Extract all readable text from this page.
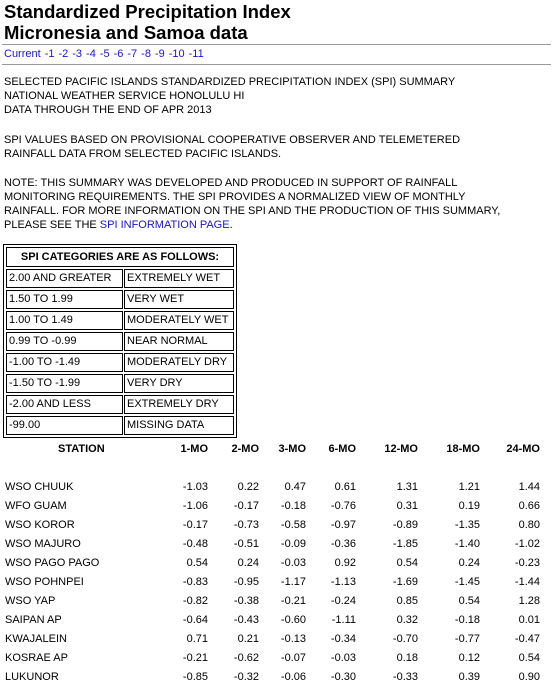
Standardized Precipitation Index
Micronesia and Samoa data
Current -1 -2 -3 -4 -5 -6 -7 -8 -9 -10 -11

SELECTED PACIFIC ISLANDS STANDARDIZED PRECIPITATION INDEX (SPI) SUMMARY
NATIONAL WEATHER SERVICE HONOLULU HI
DATA THROUGH THE END OF APR 2013

SPI VALUES BASED ON PROVISIONAL COOPERATIVE OBSERVER AND TELEMETERED
RAINFALL DATA FROM SELECTED PACIFIC ISLANDS.

NOTE: THIS SUMMARY WAS DEVELOPED AND PRODUCED IN SUPPORT OF RAINFALL
MONITORING REQUIREMENTS. THE SPI PROVIDES A NORMALIZED VIEW OF MONTHLY
RAINFALL. FOR MORE INFORMATION ON THE SPI AND THE PRODUCTION OF THIS SUMMARY,
PLEASE SEE THE SPI INFORMATION PAGE.

SPI CATEGORIES ARE AS FOLLOWS:
2.00 AND GREATER	EXTREMELY WET
1.50 TO 1.99	VERY WET
1.00 TO 1.49	MODERATELY WET
0.99 TO -0.99	NEAR NORMAL
-1.00 TO -1.49	MODERATELY DRY
-1.50 TO -1.99	VERY DRY
-2.00 AND LESS	EXTREMELY DRY
-99.00	MISSING DATA
STATION	1-MO	2-MO	3-MO	6-MO	12-MO	18-MO	24-MO
WSO CHUUK	-1.03	0.22	0.47	0.61	1.31	1.21	1.44
WFO GUAM	-1.06	-0.17	-0.18	-0.76	0.31	0.19	0.66
WSO KOROR	-0.17	-0.73	-0.58	-0.97	-0.89	-1.35	0.80
WSO MAJURO	-0.48	-0.51	-0.09	-0.36	-1.85	-1.40	-1.02
WSO PAGO PAGO	0.54	0.24	-0.03	0.92	0.54	0.24	-0.23
WSO POHNPEI	-0.83	-0.95	-1.17	-1.13	-1.69	-1.45	-1.44
WSO YAP	-0.82	-0.38	-0.21	-0.24	0.85	0.54	1.28
SAIPAN AP	-0.64	-0.43	-0.60	-1.11	0.32	-0.18	0.01
KWAJALEIN	0.71	0.21	-0.13	-0.34	-0.70	-0.77	-0.47
KOSRAE AP	-0.21	-0.62	-0.07	-0.03	0.18	0.12	0.54
LUKUNOR	-0.85	-0.32	-0.06	-0.30	-0.33	0.39	0.90
